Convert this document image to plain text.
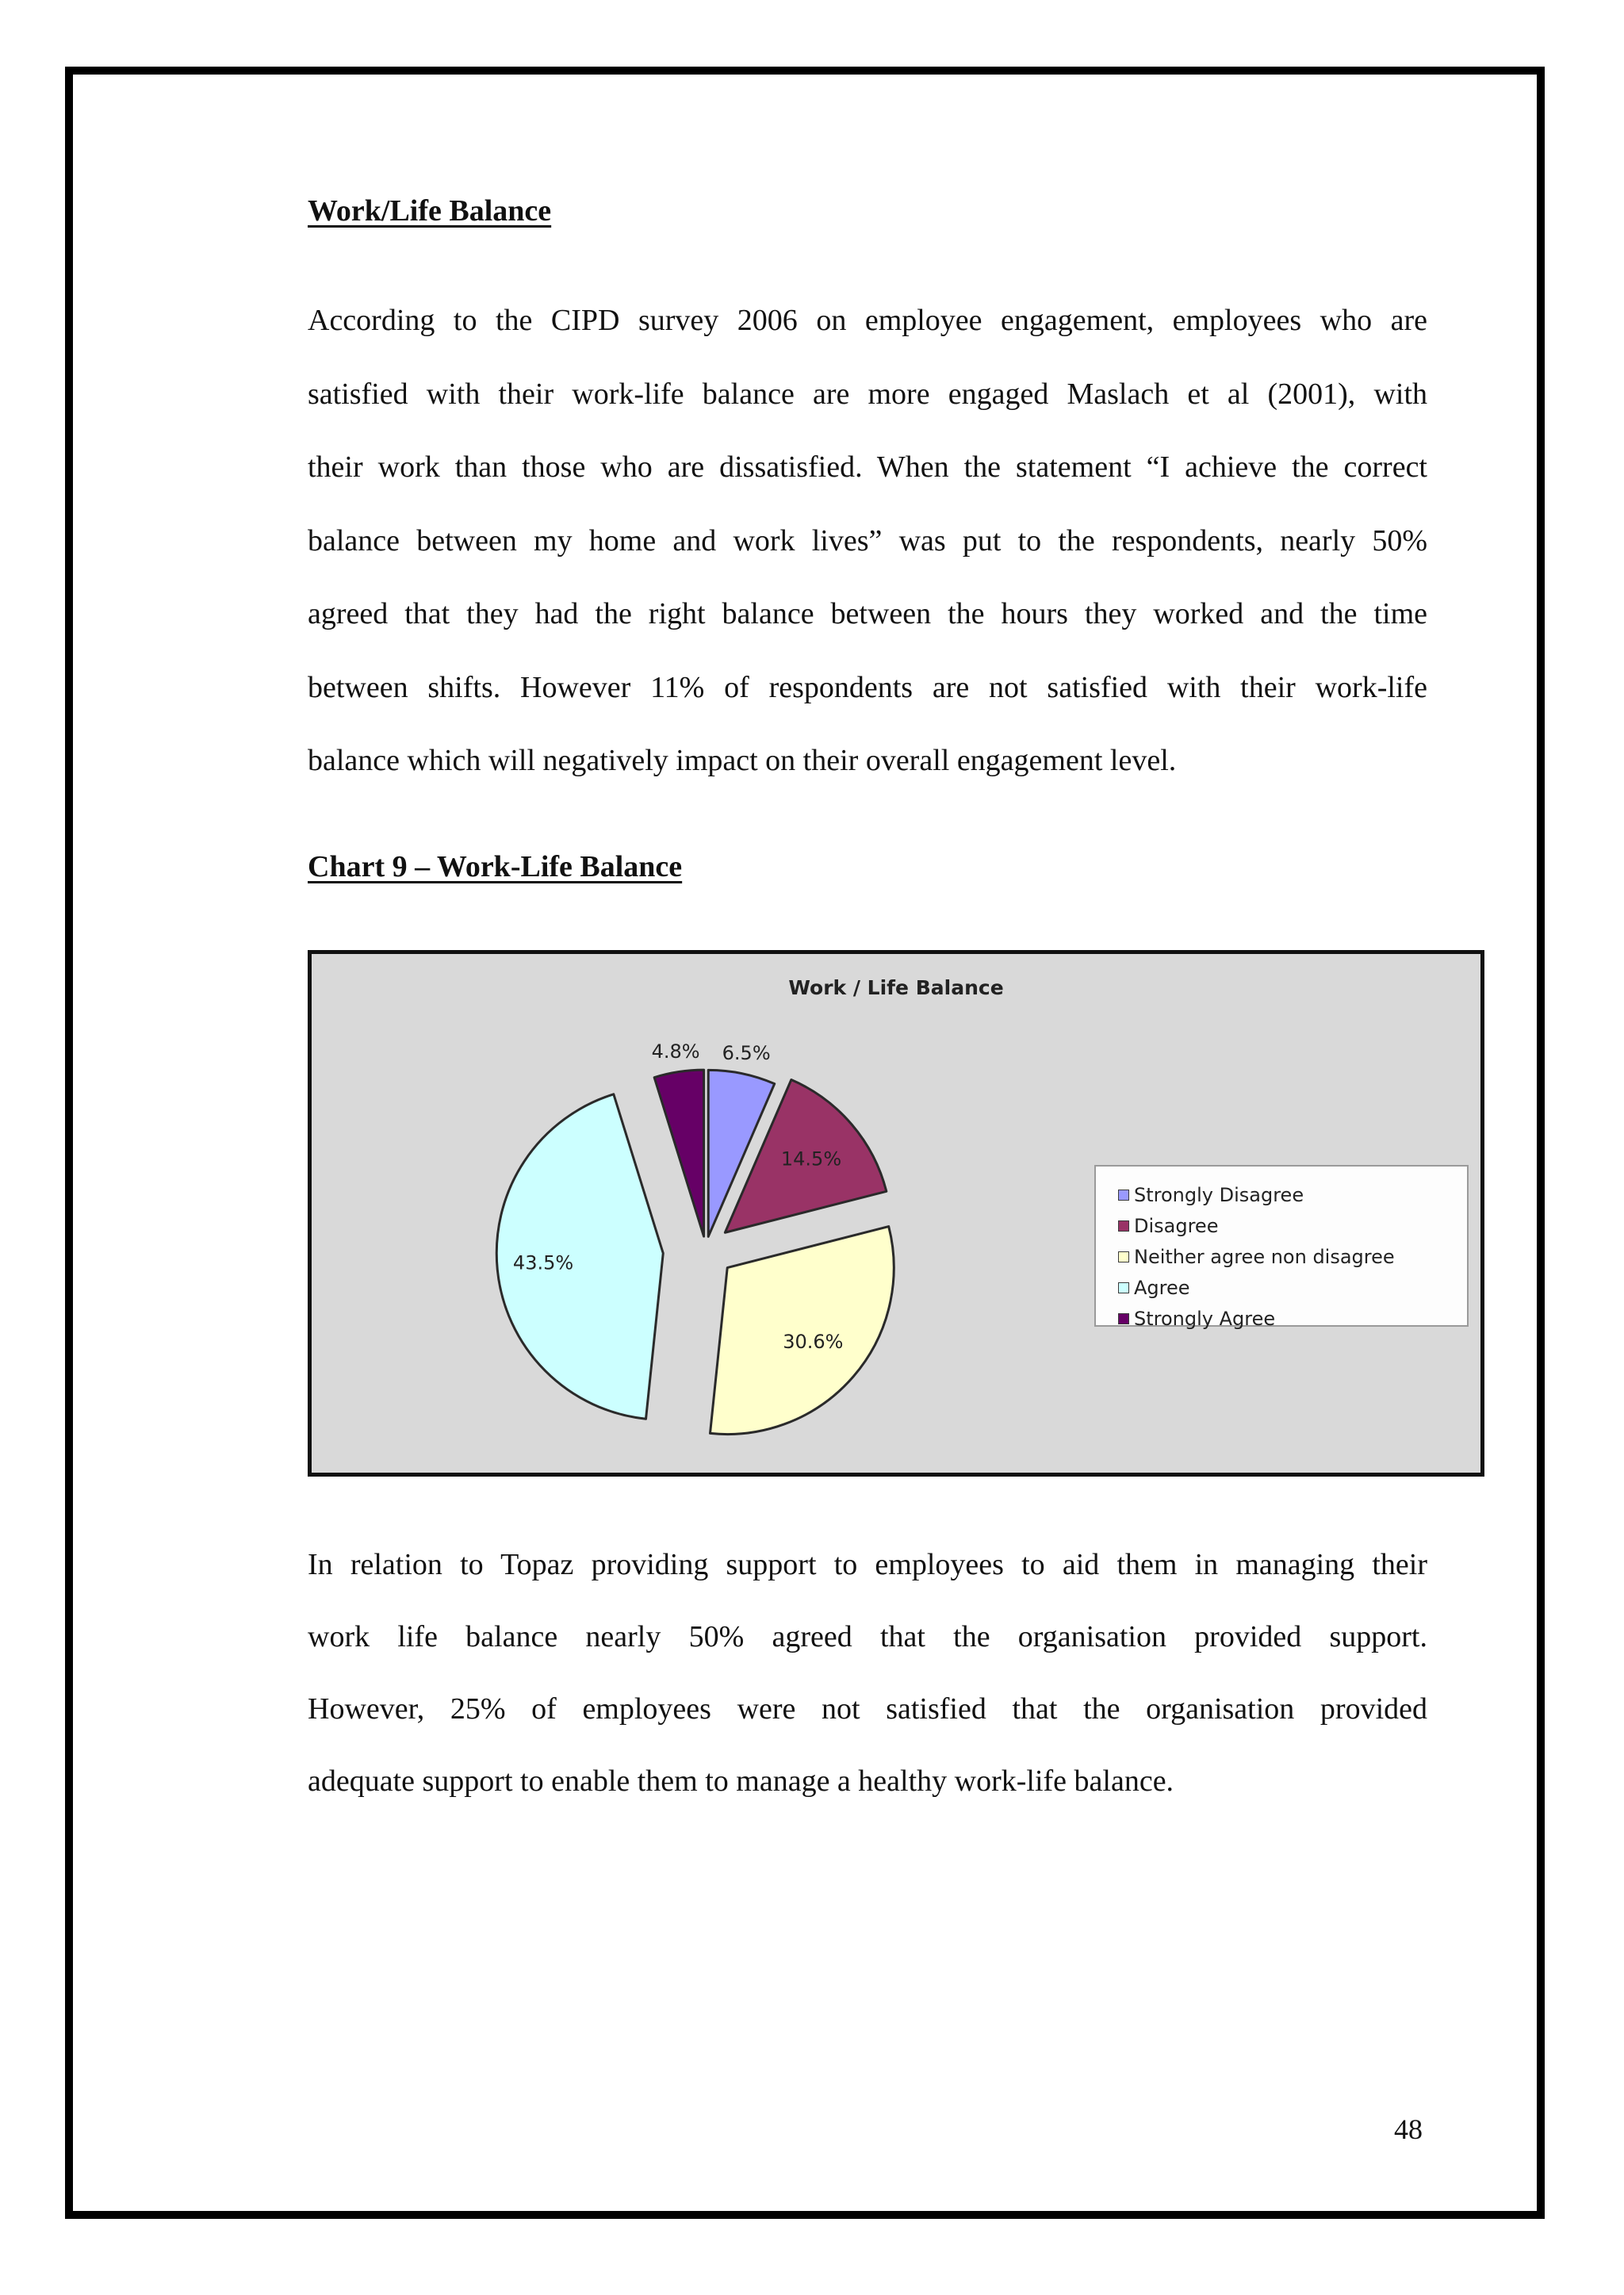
Work/Life Balance
According to the CIPD survey 2006 on employee engagement, employees who are
satisfied with their work-life balance are more engaged Maslach et al (2001), with
their work than those who are dissatisfied. When the statement “I achieve the correct
balance between my home and work lives” was put to the respondents, nearly 50%
agreed that they had the right balance between the hours they worked and the time
between shifts. However 11% of respondents are not satisfied with their work-life
balance which will negatively impact on their overall engagement level.
Chart 9 – Work-Life Balance
Work / Life Balance
6.5%
14.5%
30.6%
43.5%
4.8%
Strongly Disagree
Disagree
Neither agree non disagree
Agree
Strongly Agree
In relation to Topaz providing support to employees to aid them in managing their
work life balance nearly 50% agreed that the organisation provided support.
However, 25% of employees were not satisfied that the organisation provided
adequate support to enable them to manage a healthy work-life balance.
48
